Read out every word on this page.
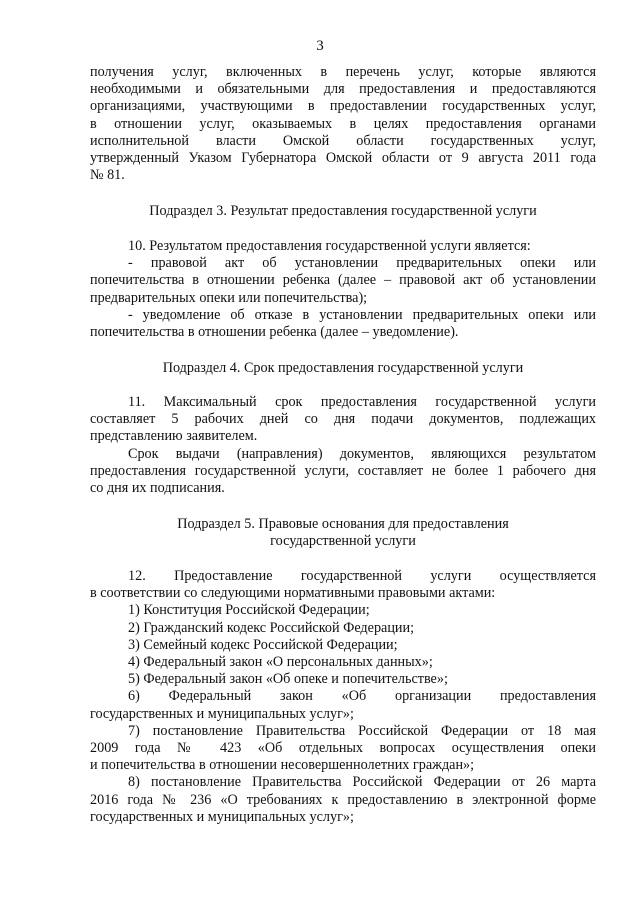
3

получения услуг, включенных в перечень услуг, которые являются

необходимыми и обязательными для предоставления и предоставляются

организациями, участвующими в предоставлении государственных услуг,

в отношении услуг, оказываемых в целях предоставления органами

исполнительной власти Омской области государственных услуг,

утвержденный Указом Губернатора Омской области от 9 августа 2011 года

№ 81.

Подраздел 3. Результат предоставления государственной услуги

10. Результатом предоставления государственной услуги является:

- правовой акт об установлении предварительных опеки или

попечительства в отношении ребенка (далее – правовой акт об установлении

предварительных опеки или попечительства);

- уведомление об отказе в установлении предварительных опеки или

попечительства в отношении ребенка (далее – уведомление).

Подраздел 4. Срок предоставления государственной услуги

11. Максимальный срок предоставления государственной услуги

составляет 5 рабочих дней со дня подачи документов, подлежащих

представлению заявителем.

Срок выдачи (направления) документов, являющихся результатом

предоставления государственной услуги, составляет не более 1 рабочего дня

со дня их подписания.

Подраздел 5. Правовые основания для предоставления

государственной услуги

12. Предоставление государственной услуги осуществляется

в соответствии со следующими нормативными правовыми актами:

1) Конституция Российской Федерации;

2) Гражданский кодекс Российской Федерации;

3) Семейный кодекс Российской Федерации;

4) Федеральный закон «О персональных данных»;

5) Федеральный закон «Об опеке и попечительстве»;

6) Федеральный закон «Об организации предоставления

государственных и муниципальных услуг»;

7) постановление Правительства Российской Федерации от 18 мая

2009 года № 423 «Об отдельных вопросах осуществления опеки

и попечительства в отношении несовершеннолетних граждан»;

8) постановление Правительства Российской Федерации от 26 марта

2016 года № 236 «О требованиях к предоставлению в электронной форме

государственных и муниципальных услуг»;
